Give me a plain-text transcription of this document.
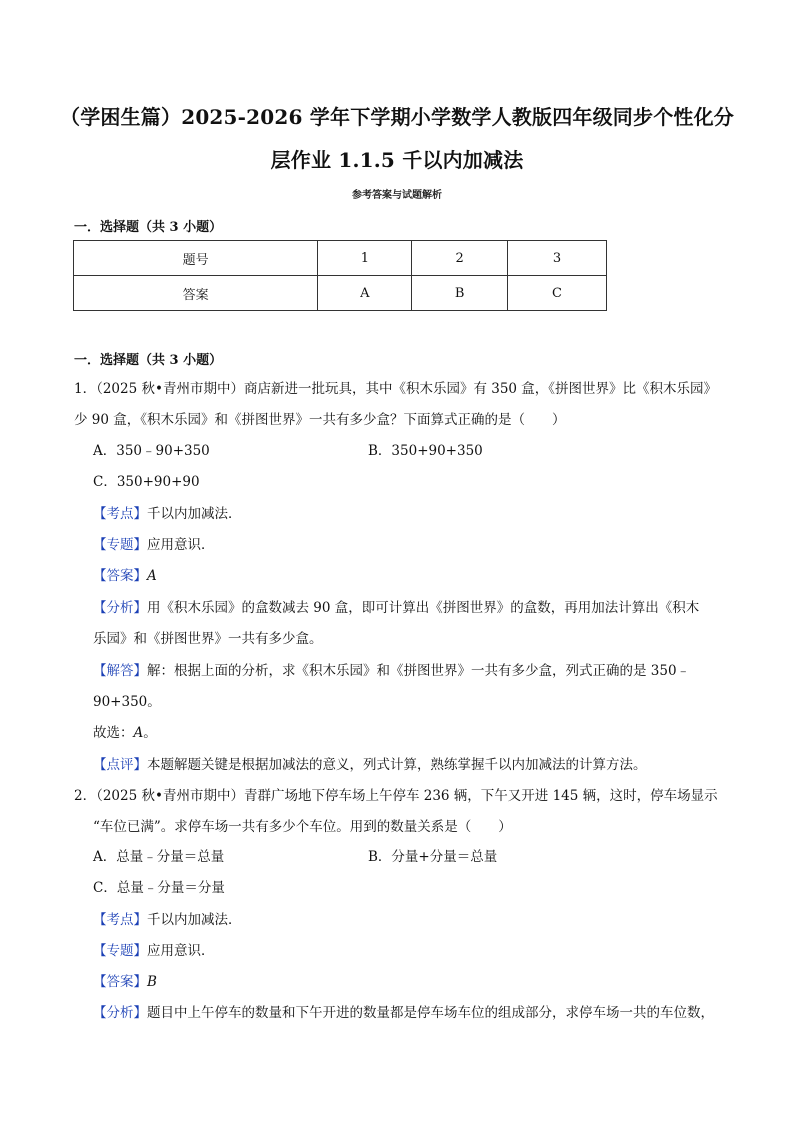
（学困生篇）2025-2026 学年下学期小学数学人教版四年级同步个性化分
层作业 1.1.5 千以内加减法
参考答案与试题解析
一．选择题（共 3 小题）
题号	1	2	3
答案	A	B	C
一．选择题（共 3 小题）
1．（2025 秋•青州市期中）商店新进一批玩具，其中《积木乐园》有 350 盒，《拼图世界》比《积木乐园》
少 90 盒，《积木乐园》和《拼图世界》一共有多少盒？下面算式正确的是（　　）
A．350﹣90+350	B．350+90+350
C．350+90+90
【考点】千以内加减法．
【专题】应用意识．
【答案】A
【分析】用《积木乐园》的盒数减去 90 盒，即可计算出《拼图世界》的盒数，再用加法计算出《积木
乐园》和《拼图世界》一共有多少盒。
【解答】解：根据上面的分析，求《积木乐园》和《拼图世界》一共有多少盒，列式正确的是 350﹣
90+350。
故选：A。
【点评】本题解题关键是根据加减法的意义，列式计算，熟练掌握千以内加减法的计算方法。
2．（2025 秋•青州市期中）青群广场地下停车场上午停车 236 辆，下午又开进 145 辆，这时，停车场显示
“车位已满”。求停车场一共有多少个车位。用到的数量关系是（　　）
A．总量﹣分量＝总量	B．分量+分量＝总量
C．总量﹣分量＝分量
【考点】千以内加减法．
【专题】应用意识．
【答案】B
【分析】题目中上午停车的数量和下午开进的数量都是停车场车位的组成部分，求停车场一共的车位数，
